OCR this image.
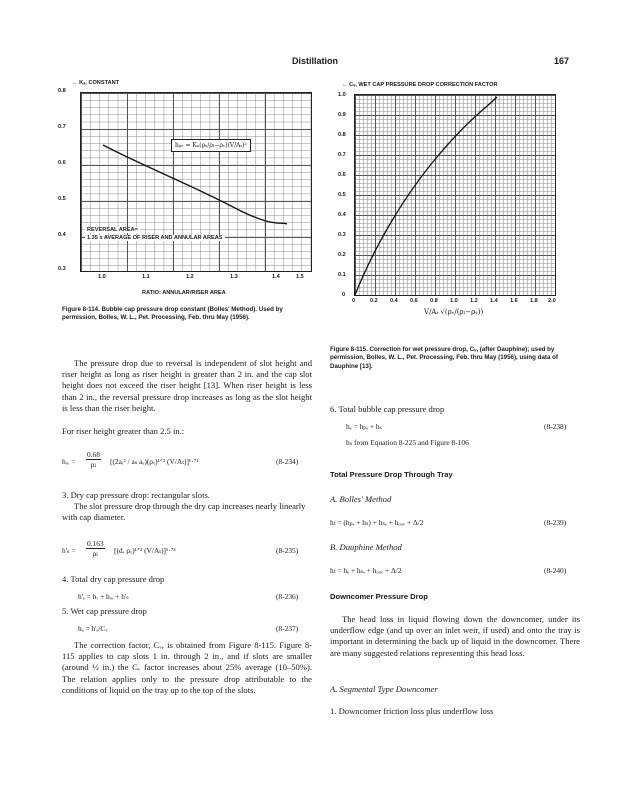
Distillation	167
← Kₐ, CONSTANT
0.8
0.7
0.6
0.5
0.4
0.3
hₚₑ = Kₐ(ρᵥ/ρₗ−ρᵥ)(V/Aₜ)²
REVERSAL AREA=
1.35 x AVERAGE OF RISER AND ANNULAR AREAS
1.0	1.1	1.2	1.3	1.4	1.5
RATIO: ANNULAR/RISER AREA
Figure 8-114. Bubble cap pressure drop constant (Bolles' Method). Used by permission, Bolles, W. L., Pet. Processing, Feb. thru May (1956).
← Cᵥ, WET CAP PRESSURE DROP CORRECTION FACTOR
1.0
0.9
0.8
0.7
0.6
0.5
0.4
0.3
0.2
0.1
0
0	0.2 0.4 0.6 0.8 1.0 1.2 1.4 1.6 1.8 2.0
V/Aₜ √(ρᵥ/(ρₗ−ρᵥ))
Figure 8-115. Correction for wet pressure drop, Cᵥ, (after Dauphine); used by permission, Bolles, W. L., Pet. Processing, Feb. thru May (1956), using data of Dauphine [13].
The pressure drop due to reversal is independent of slot height and riser height as long as riser height is greater than 2 in. and the cap slot height does not exceed the riser height [13]. When riser height is less than 2 in., the reversal pressure drop increases as long as the slot height is less than the riser height.
For riser height greater than 2.5 in.:
hᵣₑ = $\frac{0.68}{\text{ρₗ}}$ [(2aᵣ² / aₛ aₑ)(ρᵥ)¹ᐟ² (V/Aₜ)]¹·⁷¹	(8-234)
3. Dry cap pressure drop: rectangular slots.
The slot pressure drop through the dry cap increases nearly linearly with cap diameter.
$h'_s = \frac{0.163}{\text{ρₗ}} [(d_e$ ρᵥ)¹ᐟ² (V/Aₜ)]¹·⁷⁵	(8-235)
4. Total dry cap pressure drop
h'ₑ = hᵣ + hᵣₑ + h'ₛ	(8-236)
5. Wet cap pressure drop
hₑ = h'ₑ/Cᵥ	(8-237)
The correction factor, Cᵥ, is obtained from Figure 8-115. Figure 8-115 applies to cap slots 1 in. through 2 in., and if slots are smaller (around ½ in.) the Cᵥ factor increases about 25% average (10–50%). The relation applies only to the pressure drop attributable to the conditions of liquid on the tray up to the top of the slots.
6. Total bubble cap pressure drop
hₑ = hₚₑ + hₛ	(8-238)
hₛ from Equation 8-225 and Figure 8-106
Total Pressure Drop Through Tray
A. Bolles' Method
hₜ = (hₚₑ + hₛ) + hₛₑ + hₒᵤᵥ + Δ/2	(8-239)
B. Dauphine Method
hₜ = hₑ + hₛₑ + hₒᵤᵥ + Δ/2	(8-240)
Downcomer Pressure Drop
The head loss in liquid flowing down the downcomer, under its underflow edge (and up over an inlet weir, if used) and onto the tray is important in determining the back up of liquid in the downcomer. There are many suggested relations representing this head loss.
A. Segmental Type Downcomer
1. Downcomer friction loss plus underflow loss
